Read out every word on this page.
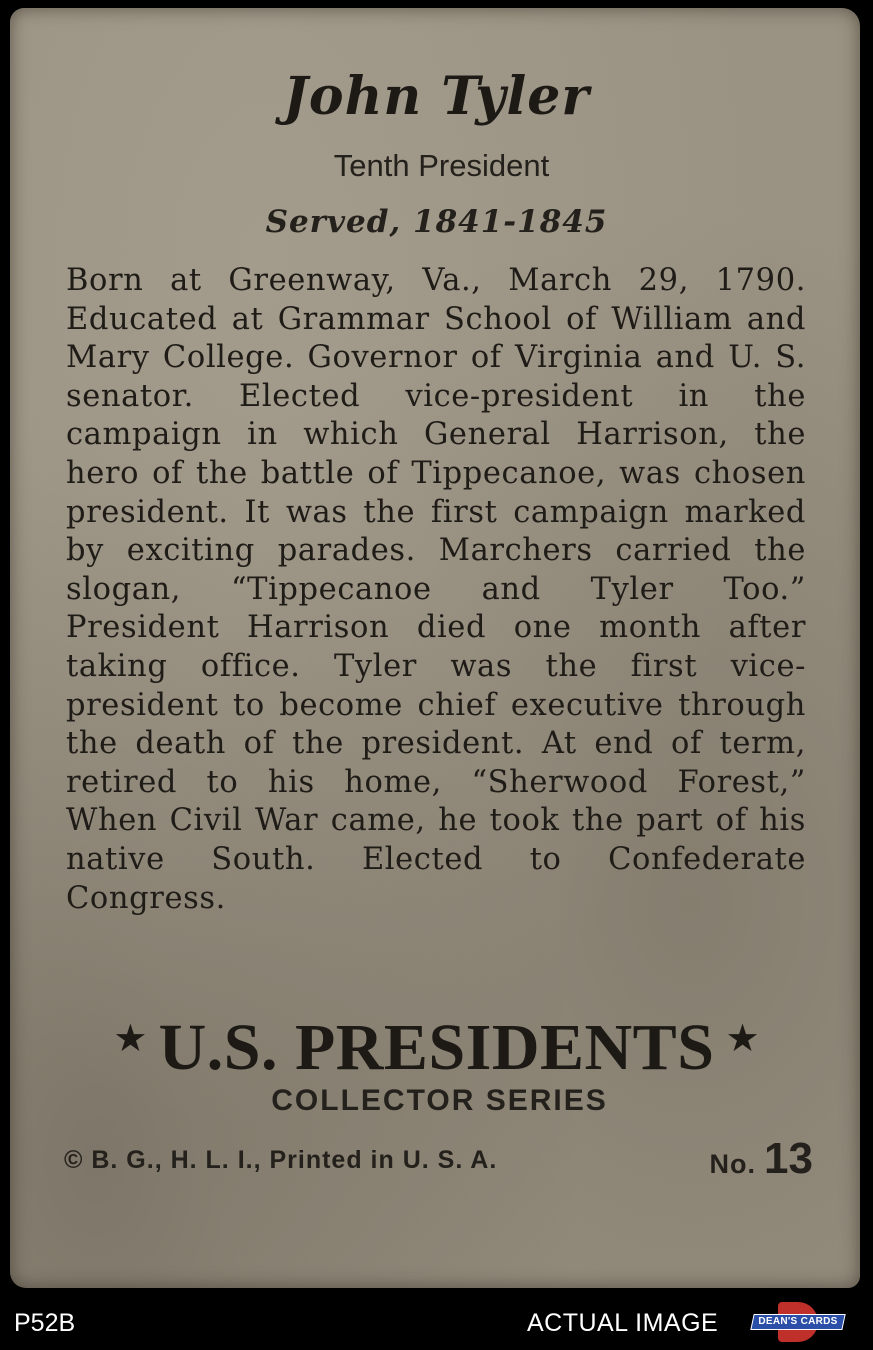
John Tyler
Tenth President
Served, 1841-1845
Born at Greenway, Va., March 29, 1790. Educated at Grammar School of William and Mary College. Governor of Virginia and U. S. senator. Elected vice-president in the campaign in which General Harrison, the hero of the battle of Tippecanoe, was chosen president. It was the first campaign marked by exciting parades. Marchers carried the slogan, “Tippecanoe and Tyler Too.” President Harrison died one month after taking office. Tyler was the first vice-president to become chief executive through the death of the president. At end of term, retired to his home, “Sherwood Forest,” When Civil War came, he took the part of his native South. Elected to Confederate Congress.
★ U.S. PRESIDENTS ★
COLLECTOR SERIES
© B. G., H. L. I., Printed in U. S. A.	No. 13
P52B	ACTUAL IMAGE	DEAN'S CARDS
